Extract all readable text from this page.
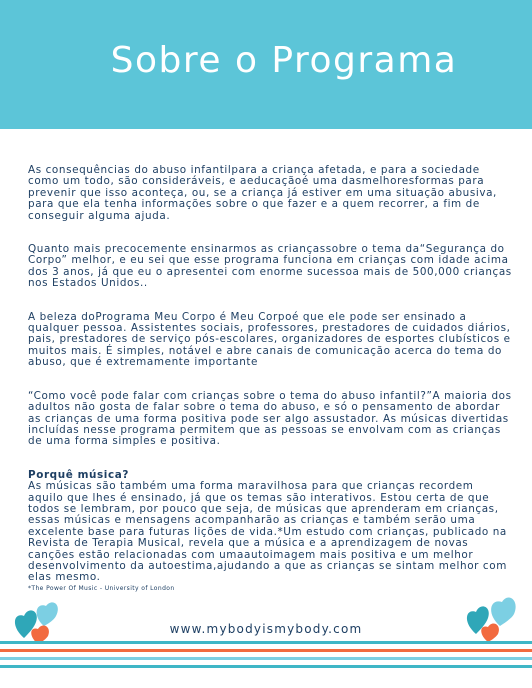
Sobre o Programa

As consequências do abuso infantilpara a criança afetada, e para a sociedade como um todo, são consideráveis, e aeducaçãoé uma dasmelhoresformas para prevenir que isso aconteça, ou, se a criança já estiver em uma situação abusiva, para que ela tenha informações sobre o que fazer e a quem recorrer, a fim de conseguir alguma ajuda.

Quanto mais precocemente ensinarmos as criançassobre o tema da“Segurança do Corpo” melhor, e eu sei que esse programa funciona em crianças com idade acima dos 3 anos, já que eu o apresentei com enorme sucessoa mais de 500,000 crianças nos Estados Unidos..

A beleza doPrograma Meu Corpo é Meu Corpoé que ele pode ser ensinado a qualquer pessoa. Assistentes sociais, professores, prestadores de cuidados diários, pais, prestadores de serviço pós-escolares, organizadores de esportes clubísticos e muitos mais. É simples, notável e abre canais de comunicação acerca do tema do abuso, que é extremamente importante

“Como você pode falar com crianças sobre o tema do abuso infantil?”A maioria dos adultos não gosta de falar sobre o tema do abuso, e só o pensamento de abordar as crianças de uma forma positiva pode ser algo assustador. As músicas divertidas incluídas nesse programa permitem que as pessoas se envolvam com as crianças de uma forma simples e positiva.

Porquê música?

As músicas são também uma forma maravilhosa para que crianças recordem aquilo que lhes é ensinado, já que os temas são interativos. Estou certa de que todos se lembram, por pouco que seja, de músicas que aprenderam em crianças, essas músicas e mensagens acompanharão as crianças e também serão uma excelente base para futuras lições de vida.*Um estudo com crianças, publicado na Revista de Terapia Musical, revela que a música e a aprendizagem de novas canções estão relacionadas com umaautoimagem mais positiva e um melhor desenvolvimento da autoestima,ajudando a que as crianças se sintam melhor com elas mesmo.

*The Power Of Music - University of London
www.mybodyismybody.com
